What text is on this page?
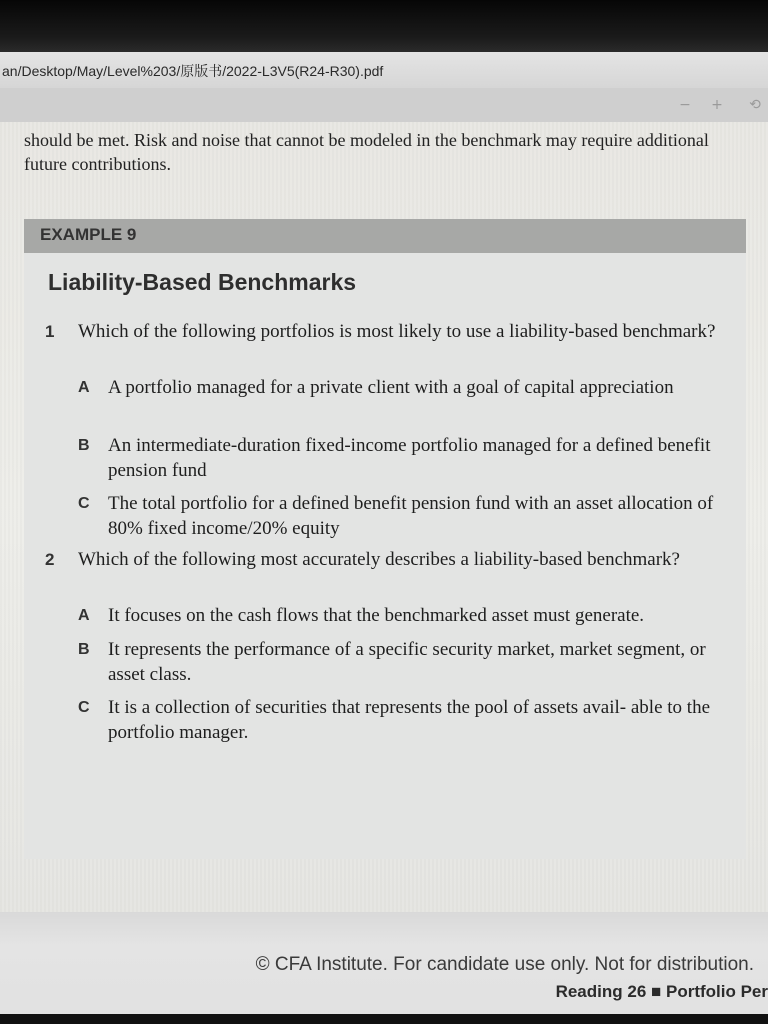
an/Desktop/May/Level%203/原版书/2022-L3V5(R24-R30).pdf
− + ⟲
should be met. Risk and noise that cannot be modeled in the benchmark may require additional future contributions.
EXAMPLE 9
Liability-Based Benchmarks
1 Which of the following portfolios is most likely to use a liability-based benchmark?
A A portfolio managed for a private client with a goal of capital appreciation
B An intermediate-duration fixed-income portfolio managed for a defined benefit pension fund
C The total portfolio for a defined benefit pension fund with an asset allocation of 80% fixed income/20% equity
2 Which of the following most accurately describes a liability-based benchmark?
A It focuses on the cash flows that the benchmarked asset must generate.
B It represents the performance of a specific security market, market segment, or asset class.
C It is a collection of securities that represents the pool of assets avail- able to the portfolio manager.
© CFA Institute. For candidate use only. Not for distribution.
Reading 26 ■ Portfolio Per
